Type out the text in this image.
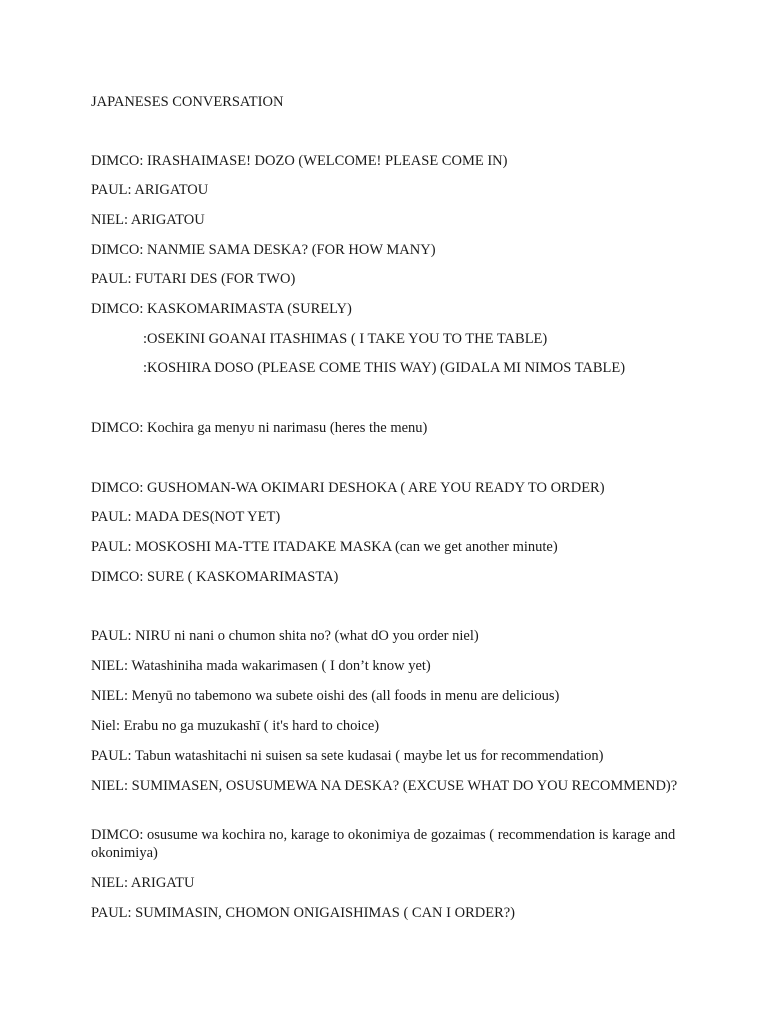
JAPANESES CONVERSATION
DIMCO: IRASHAIMASE! DOZO (WELCOME! PLEASE COME IN)
PAUL: ARIGATOU
NIEL: ARIGATOU
DIMCO: NANMIE SAMA DESKA? (FOR HOW MANY)
PAUL: FUTARI DES (FOR TWO)
DIMCO: KASKOMARIMASTA (SURELY)
:OSEKINI GOANAI ITASHIMAS ( I TAKE YOU TO THE TABLE)
:KOSHIRA DOSO (PLEASE COME THIS WAY) (GIDALA MI NIMOS TABLE)
DIMCO: Kochira ga menyᴜ ni narimasu (heres the menu)
DIMCO: GUSHOMAN-WA OKIMARI DESHOKA ( ARE YOU READY TO ORDER)
PAUL: MADA DES(NOT YET)
PAUL: MOSKOSHI MA-TTE ITADAKE MASKA (can we get another minute)
DIMCO: SURE ( KASKOMARIMASTA)
PAUL: NIRU ni nani o chumon shita no? (what dO you order niel)
NIEL: Watashiniha mada wakarimasen ( I don’t know yet)
NIEL: Menyū no tabemono wa subete oishi des (all foods in menu are delicious)
Niel: Erabu no ga muzukashī ( it's hard to choice)
PAUL: Tabun watashitachi ni suisen sa sete kudasai ( maybe let us for recommendation)
NIEL: SUMIMASEN, OSUSUMEWA NA DESKA? (EXCUSE WHAT DO YOU RECOMMEND)?
DIMCO: osusume wa kochira no, karage to okonimiya de gozaimas ( recommendation is karage and okonimiya)
NIEL: ARIGATU
PAUL: SUMIMASIN, CHOMON ONIGAISHIMAS ( CAN I ORDER?)
